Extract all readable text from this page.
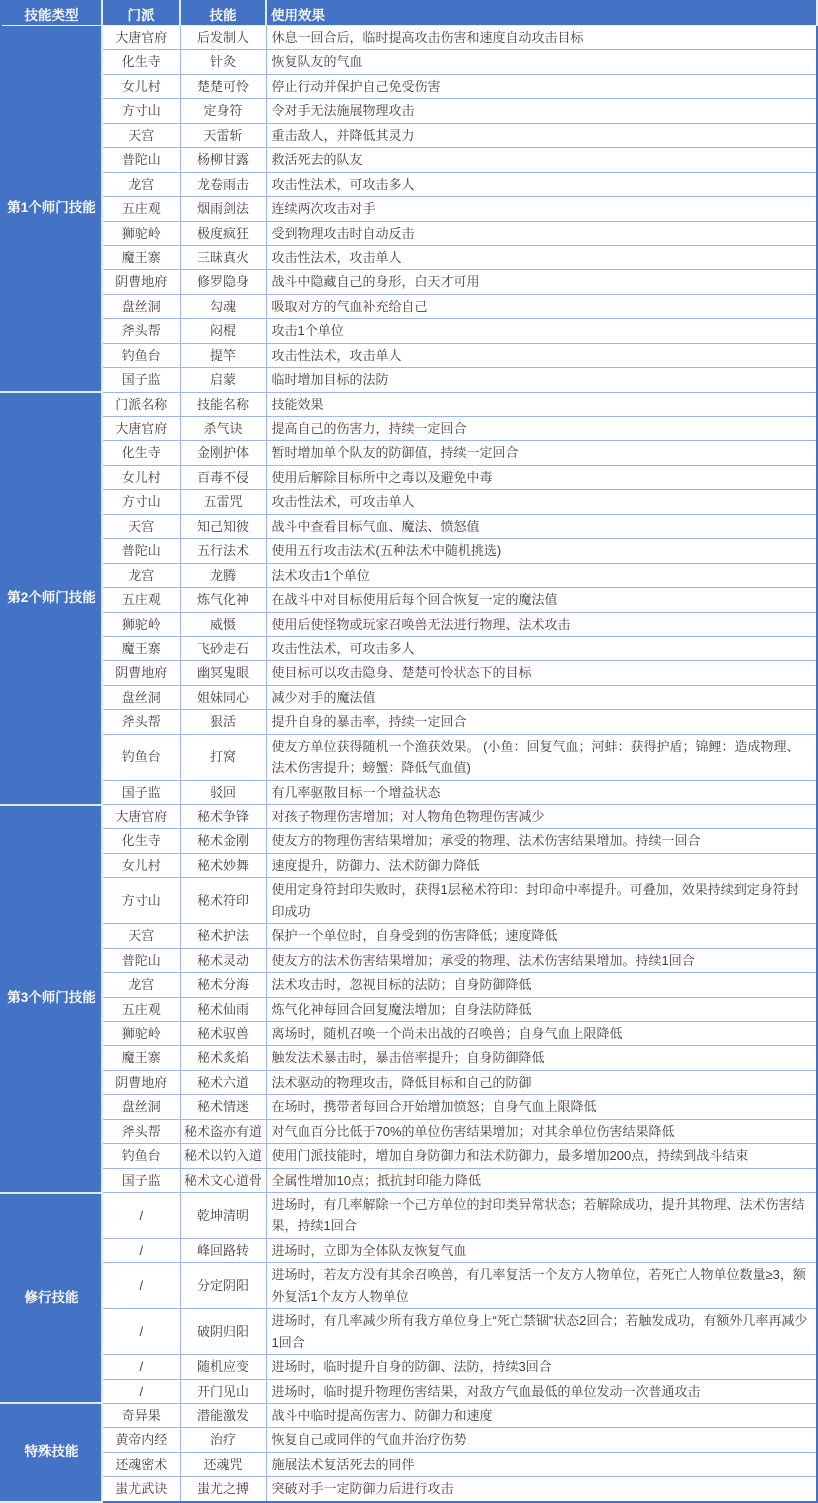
技能类型	门派	技能	使用效果
第1个师门技能	大唐官府	后发制人	休息一回合后，临时提高攻击伤害和速度自动攻击目标
	化生寺	针灸	恢复队友的气血
	女儿村	楚楚可怜	停止行动并保护自己免受伤害
	方寸山	定身符	令对手无法施展物理攻击
	天宫	天雷斩	重击敌人，并降低其灵力
	普陀山	杨柳甘露	救活死去的队友
	龙宫	龙卷雨击	攻击性法术，可攻击多人
	五庄观	烟雨剑法	连续两次攻击对手
	狮驼岭	极度疯狂	受到物理攻击时自动反击
	魔王寨	三昧真火	攻击性法术，攻击单人
	阴曹地府	修罗隐身	战斗中隐藏自己的身形，白天才可用
	盘丝洞	勾魂	吸取对方的气血补充给自己
	斧头帮	闷棍	攻击1个单位
	钓鱼台	提竿	攻击性法术，攻击单人
	国子监	启蒙	临时增加目标的法防
第2个师门技能	门派名称	技能名称	技能效果
	大唐官府	杀气诀	提高自己的伤害力，持续一定回合
	化生寺	金刚护体	暂时增加单个队友的防御值，持续一定回合
	女儿村	百毒不侵	使用后解除目标所中之毒以及避免中毒
	方寸山	五雷咒	攻击性法术，可攻击单人
	天宫	知己知彼	战斗中查看目标气血、魔法、愤怒值
	普陀山	五行法术	使用五行攻击法术(五种法术中随机挑选)
	龙宫	龙腾	法术攻击1个单位
	五庄观	炼气化神	在战斗中对目标使用后每个回合恢复一定的魔法值
	狮驼岭	威慑	使用后使怪物或玩家召唤兽无法进行物理、法术攻击
	魔王寨	飞砂走石	攻击性法术，可攻击多人
	阴曹地府	幽冥鬼眼	使目标可以攻击隐身、楚楚可怜状态下的目标
	盘丝洞	姐妹同心	减少对手的魔法值
	斧头帮	狠活	提升自身的暴击率，持续一定回合
	钓鱼台	打窝	使友方单位获得随机一个渔获效果。 (小鱼：回复气血；河蚌：获得护盾；锦鲤：造成物理、法术伤害提升；螃蟹：降低气血值)
	国子监	驳回	有几率驱散目标一个增益状态
第3个师门技能	大唐官府	秘术争锋	对孩子物理伤害增加；对人物角色物理伤害减少
	化生寺	秘术金刚	使友方的物理伤害结果增加；承受的物理、法术伤害结果增加。持续一回合
	女儿村	秘术妙舞	速度提升，防御力、法术防御力降低
	方寸山	秘术符印	使用定身符封印失败时，获得1层秘术符印：封印命中率提升。可叠加，效果持续到定身符封印成功
	天宫	秘术护法	保护一个单位时，自身受到的伤害降低；速度降低
	普陀山	秘术灵动	使友方的法术伤害结果增加；承受的物理、法术伤害结果增加。持续1回合
	龙宫	秘术分海	法术攻击时，忽视目标的法防；自身防御降低
	五庄观	秘术仙雨	炼气化神每回合回复魔法增加；自身法防降低
	狮驼岭	秘术驭兽	离场时，随机召唤一个尚未出战的召唤兽；自身气血上限降低
	魔王寨	秘术炙焰	触发法术暴击时，暴击倍率提升；自身防御降低
	阴曹地府	秘术六道	法术驱动的物理攻击，降低目标和自己的防御
	盘丝洞	秘术情迷	在场时，携带者每回合开始增加愤怒；自身气血上限降低
	斧头帮	秘术盗亦有道	对气血百分比低于70%的单位伤害结果增加；对其余单位伤害结果降低
	钓鱼台	秘术以钓入道	使用门派技能时，增加自身防御力和法术防御力，最多增加200点，持续到战斗结束
	国子监	秘术文心道骨	全属性增加10点；抵抗封印能力降低
修行技能	/	乾坤清明	进场时，有几率解除一个己方单位的封印类异常状态；若解除成功，提升其物理、法术伤害结果，持续1回合
	/	峰回路转	进场时，立即为全体队友恢复气血
	/	分定阴阳	进场时，若友方没有其余召唤兽，有几率复活一个友方人物单位，若死亡人物单位数量≥3，额外复活1个友方人物单位
	/	破阴归阳	进场时，有几率减少所有我方单位身上“死亡禁锢”状态2回合；若触发成功，有额外几率再减少1回合
	/	随机应变	进场时，临时提升自身的防御、法防，持续3回合
	/	开门见山	进场时，临时提升物理伤害结果，对敌方气血最低的单位发动一次普通攻击
特殊技能	奇异果	潜能激发	战斗中临时提高伤害力、防御力和速度
	黄帝内经	治疗	恢复自己或同伴的气血并治疗伤势
	还魂密术	还魂咒	施展法术复活死去的同伴
	蚩尤武诀	蚩尤之搏	突破对手一定防御力后进行攻击
